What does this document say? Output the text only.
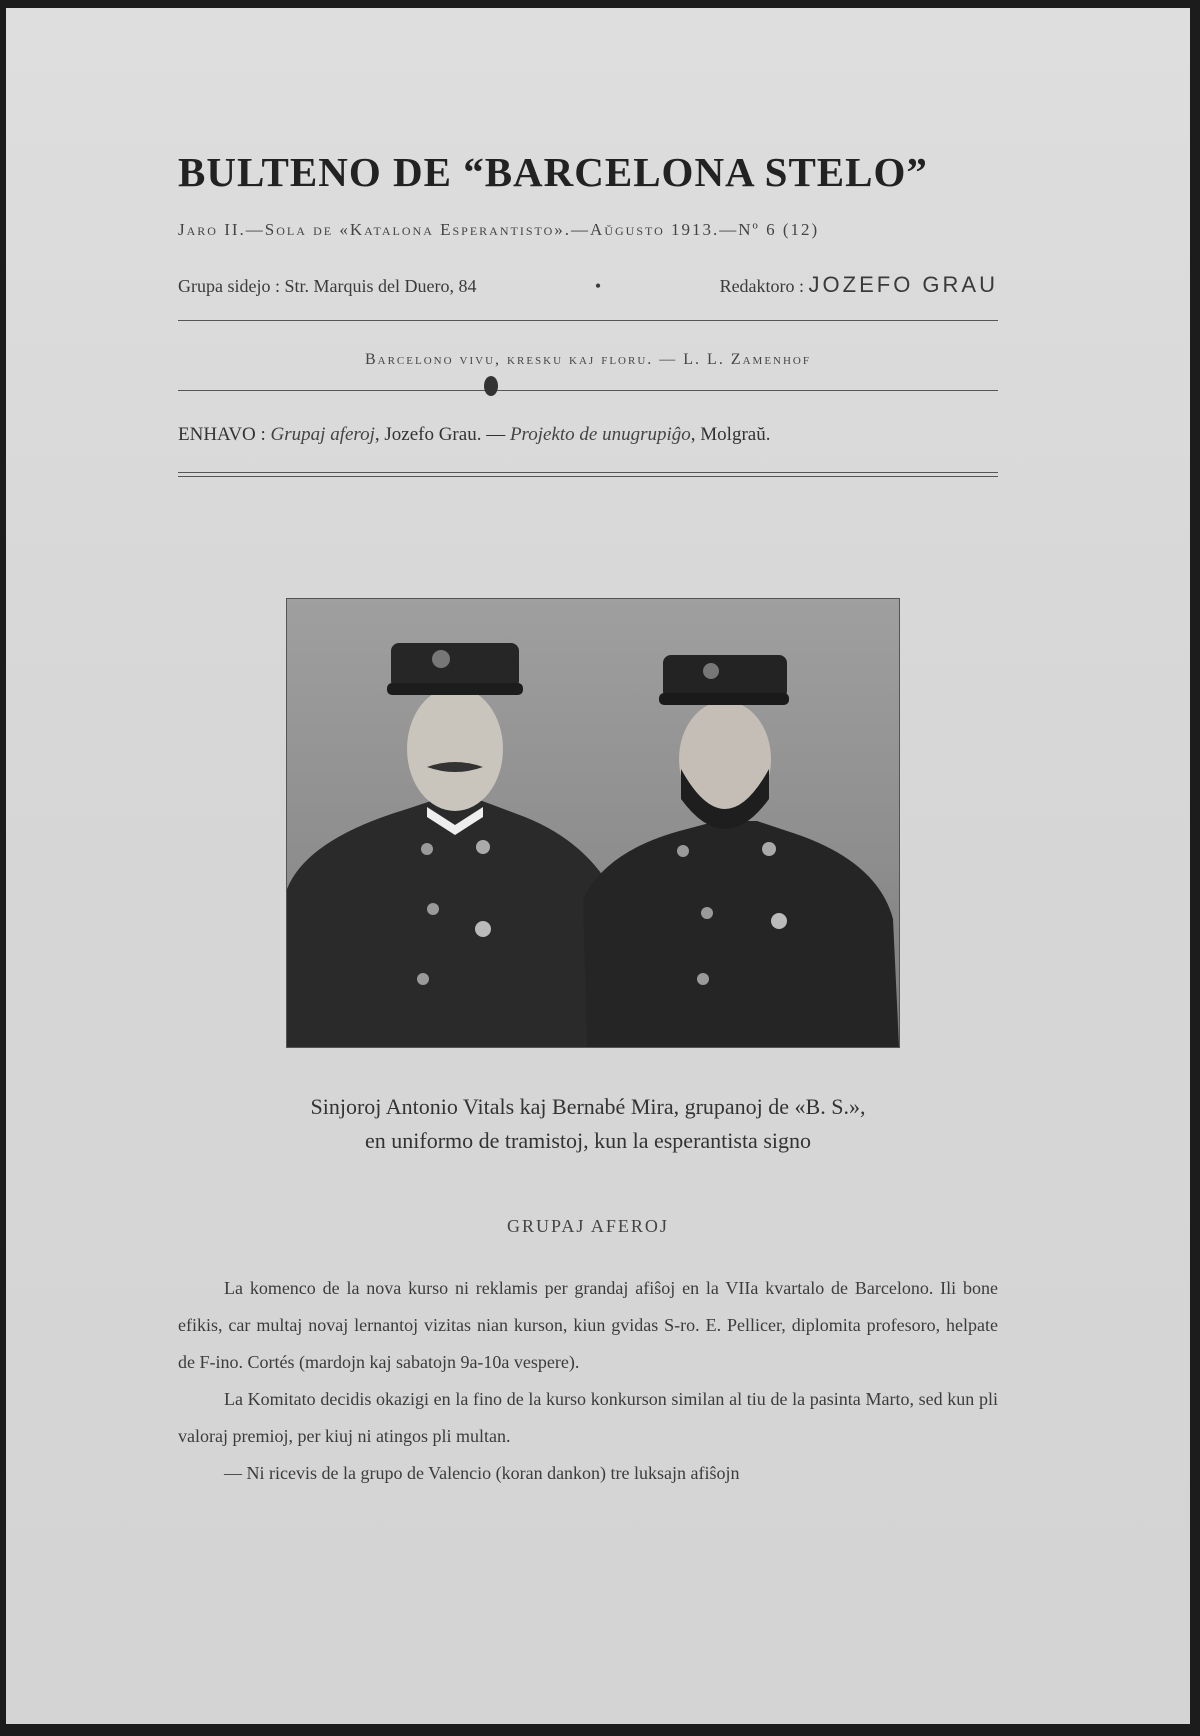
BULTENO DE “BARCELONA STELO”
Jaro II.—Sola de «Katalona Esperantisto».—Aŭgusto 1913.—Nº 6 (12)
Grupa sidejo : Str. Marquis del Duero, 84	•	Redaktoro : JOZEFO GRAU
Barcelono vivu, kresku kaj floru. — L. L. Zamenhof
ENHAVO : Grupaj aferoj, Jozefo Grau. — Projekto de unugrupiĝo, Molgraŭ.
Sinjoroj Antonio Vitals kaj Bernabé Mira, grupanoj de «B. S.»,
en uniformo de tramistoj, kun la esperantista signo
GRUPAJ AFEROJ

La komenco de la nova kurso ni reklamis per grandaj afiŝoj en la VIIa kvartalo de Barcelono. Ili bone efikis, car multaj novaj lernantoj vizitas nian kurson, kiun gvidas S-ro. E. Pellicer, diplomita profesoro, helpate de F-ino. Cortés (mardojn kaj sabatojn 9a-10a vespere).

La Komitato decidis okazigi en la fino de la kurso konkurson similan al tiu de la pasinta Marto, sed kun pli valoraj premioj, per kiuj ni atingos pli multan.

— Ni ricevis de la grupo de Valencio (koran dankon) tre luksajn afiŝojn
